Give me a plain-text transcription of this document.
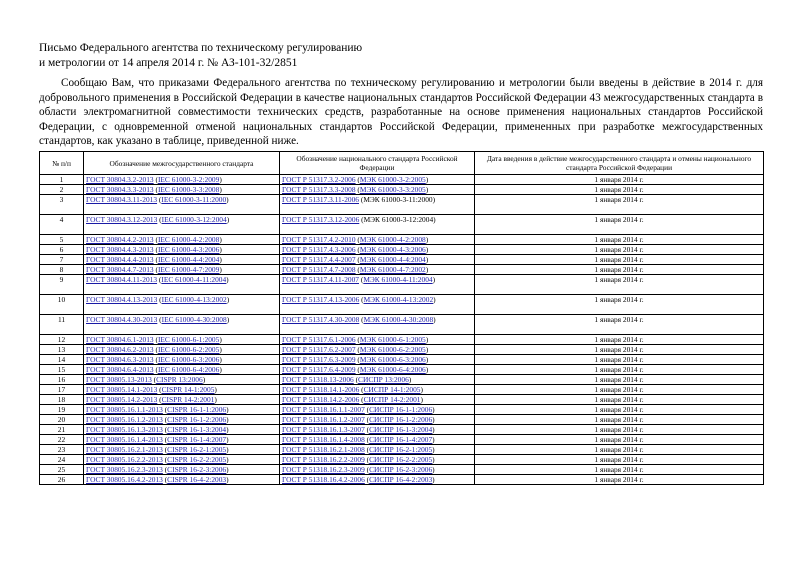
Письмо Федерального агентства по техническому регулированию
и метрологии от 14 апреля 2014 г. № АЗ-101-32/2851
Сообщаю Вам, что приказами Федерального агентства по техническому регулированию и метрологии были введены в действие в 2014 г. для добровольного применения в Российской Федерации в качестве национальных стандартов Российской Федерации 43 межгосударственных стандарта в области электромагнитной совместимости технических средств, разработанные на основе применения национальных стандартов Российской Федерации, с одновременной отменой национальных стандартов Российской Федерации, примененных при разработке межгосударственных стандартов, как указано в таблице, приведенной ниже.
№ п/п	Обозначение межгосударственного стандарта	Обозначение национального стандарта Российской Федерации	Дата введения в действие межгосударственного стандарта и отмены национального стандарта Российской Федерации
1	ГОСТ 30804.3.2-2013 (IEC 61000-3-2:2009)	ГОСТ Р 51317.3.2-2006 (МЭК 61000-3-2:2005)	1 января 2014 г.
2	ГОСТ 30804.3.3-2013 (IEC 61000-3-3:2008)	ГОСТ Р 51317.3.3-2008 (МЭК 61000-3-3:2005)	1 января 2014 г.
3	ГОСТ 30804.3.11-2013 (IEC 61000-3-11:2000)	ГОСТ Р 51317.3.11-2006 (МЭК 61000-3-11:2000)	1 января 2014 г.
4	ГОСТ 30804.3.12-2013 (IEC 61000-3-12:2004)	ГОСТ Р 51317.3.12-2006 (МЭК 61000-3-12:2004)	1 января 2014 г.
5	ГОСТ 30804.4.2-2013 (IEC 61000-4-2:2008)	ГОСТ Р 51317.4.2-2010 (МЭК 61000-4-2:2008)	1 января 2014 г.
6	ГОСТ 30804.4.3-2013 (IEC 61000-4-3:2006)	ГОСТ Р 51317.4.3-2006 (МЭК 61000-4-3:2006)	1 января 2014 г.
7	ГОСТ 30804.4.4-2013 (IEC 61000-4-4:2004)	ГОСТ Р 51317.4.4-2007 (МЭК 61000-4-4:2004)	1 января 2014 г.
8	ГОСТ 30804.4.7-2013 (IEC 61000-4-7:2009)	ГОСТ Р 51317.4.7-2008 (МЭК 61000-4-7:2002)	1 января 2014 г.
9	ГОСТ 30804.4.11-2013 (IEC 61000-4-11:2004)	ГОСТ Р 51317.4.11-2007 (МЭК 61000-4-11:2004)	1 января 2014 г.
10	ГОСТ 30804.4.13-2013 (IEC 61000-4-13:2002)	ГОСТ Р 51317.4.13-2006 (МЭК 61000-4-13:2002)	1 января 2014 г.
11	ГОСТ 30804.4.30-2013 (IEC 61000-4-30:2008)	ГОСТ Р 51317.4.30-2008 (МЭК 61000-4-30:2008)	1 января 2014 г.
12	ГОСТ 30804.6.1-2013 (IEC 61000-6-1:2005)	ГОСТ Р 51317.6.1-2006 (МЭК 61000-6-1:2005)	1 января 2014 г.
13	ГОСТ 30804.6.2-2013 (IEC 61000-6-2:2005)	ГОСТ Р 51317.6.2-2007 (МЭК 61000-6-2:2005)	1 января 2014 г.
14	ГОСТ 30804.6.3-2013 (IEC 61000-6-3:2006)	ГОСТ Р 51317.6.3-2009 (МЭК 61000-6-3:2006)	1 января 2014 г.
15	ГОСТ 30804.6.4-2013 (IEC 61000-6-4:2006)	ГОСТ Р 51317.6.4-2009 (МЭК 61000-6-4:2006)	1 января 2014 г.
16	ГОСТ 30805.13-2013 (CISPR 13:2006)	ГОСТ Р 51318.13-2006 (СИСПР 13:2006)	1 января 2014 г.
17	ГОСТ 30805.14.1-2013 (CISPR 14-1:2005)	ГОСТ Р 51318.14.1-2006 (СИСПР 14-1:2005)	1 января 2014 г.
18	ГОСТ 30805.14.2-2013 (CISPR 14-2:2001)	ГОСТ Р 51318.14.2-2006 (СИСПР 14-2:2001)	1 января 2014 г.
19	ГОСТ 30805.16.1.1-2013 (CISPR 16-1-1:2006)	ГОСТ Р 51318.16.1.1-2007 (СИСПР 16-1-1:2006)	1 января 2014 г.
20	ГОСТ 30805.16.1.2-2013 (CISPR 16-1-2:2006)	ГОСТ Р 51318.16.1.2-2007 (СИСПР 16-1-2:2006)	1 января 2014 г.
21	ГОСТ 30805.16.1.3-2013 (CISPR 16-1-3:2004)	ГОСТ Р 51318.16.1.3-2007 (СИСПР 16-1-3:2004)	1 января 2014 г.
22	ГОСТ 30805.16.1.4-2013 (CISPR 16-1-4:2007)	ГОСТ Р 51318.16.1.4-2008 (СИСПР 16-1-4:2007)	1 января 2014 г.
23	ГОСТ 30805.16.2.1-2013 (CISPR 16-2-1:2005)	ГОСТ Р 51318.16.2.1-2008 (СИСПР 16-2-1:2005)	1 января 2014 г.
24	ГОСТ 30805.16.2.2-2013 (CISPR 16-2-2:2005)	ГОСТ Р 51318.16.2.2-2009 (СИСПР 16-2-2:2005)	1 января 2014 г.
25	ГОСТ 30805.16.2.3-2013 (CISPR 16-2-3:2006)	ГОСТ Р 51318.16.2.3-2009 (СИСПР 16-2-3:2006)	1 января 2014 г.
26	ГОСТ 30805.16.4.2-2013 (CISPR 16-4-2:2003)	ГОСТ Р 51318.16.4.2-2006 (СИСПР 16-4-2:2003)	1 января 2014 г.
